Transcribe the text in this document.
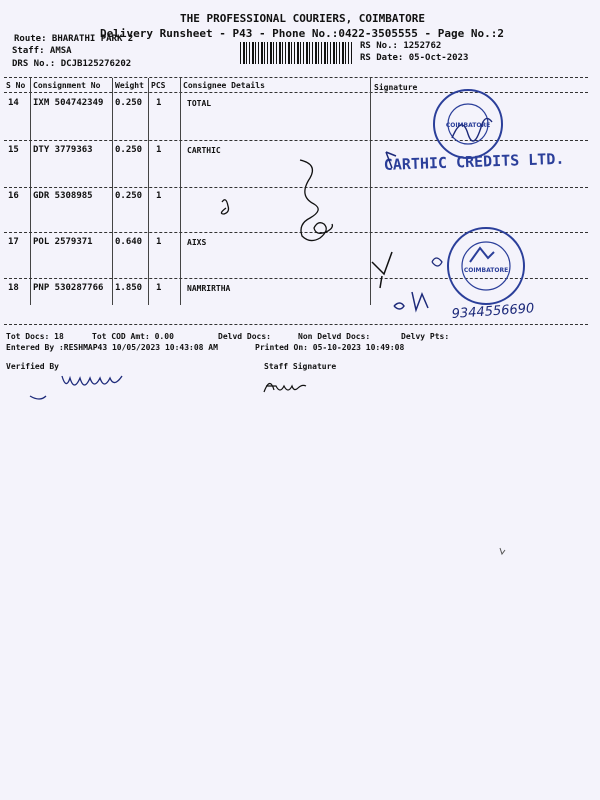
THE PROFESSIONAL COURIERS, COIMBATORE
Delivery Runsheet - P43 - Phone No.:0422-3505555 - Page No.:2
Route: BHARATHI PARK 2
Staff: AMSA
DRS No.: DCJB125276202
RS No.: 1252762
RS Date: 05-Oct-2023
S No Consignment No Weight PCS Consignee Details	Signature
14 IXM 504742349 0.250 1	TOTAL
15 DTY 3779363 0.250 1	CARTHIC
16 GDR 5308985 0.250 1
17 POL 2579371 0.640 1	AIXS
18 PNP 530287766 1.850 1	NAMRIRTHA
Tot Docs: 18	Tot COD Amt: 0.00	Delvd Docs:	Non Delvd Docs:	Delvy Pts:
Entered By :RESHMAP43 10/05/2023 10:43:08 AM	Printed On: 05-10-2023 10:49:08
Verified By	Staff Signature
COIMBATORE
CARTHIC CREDITS LTD.
COIMBATORE
9344556690
